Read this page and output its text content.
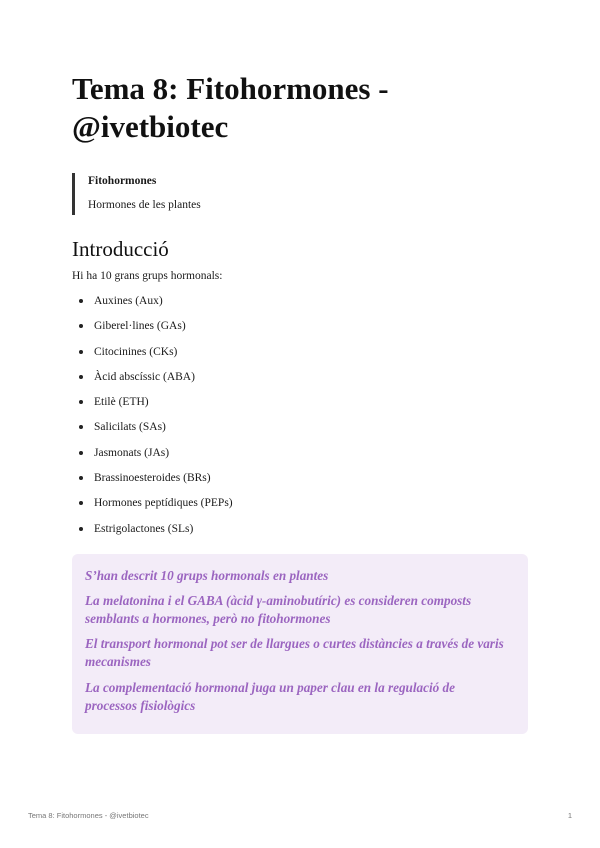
Tema 8: Fitohormones - @ivetbiotec
Fitohormones
Hormones de les plantes
Introducció
Hi ha 10 grans grups hormonals:
Auxines (Aux)
Giberel·lines (GAs)
Citocinines (CKs)
Àcid abscíssic (ABA)
Etilè (ETH)
Salicilats (SAs)
Jasmonats (JAs)
Brassinoesteroides (BRs)
Hormones peptídiques (PEPs)
Estrigolactones (SLs)

S’han descrit 10 grups hormonals en plantes

La melatonina i el GABA (àcid γ-aminobutíric) es consideren composts semblants a hormones, però no fitohormones

El transport hormonal pot ser de llargues o curtes distàncies a través de varis mecanismes

La complementació hormonal juga un paper clau en la regulació de processos fisiològics

Tema 8: Fitohormones - @ivetbiotec	1
